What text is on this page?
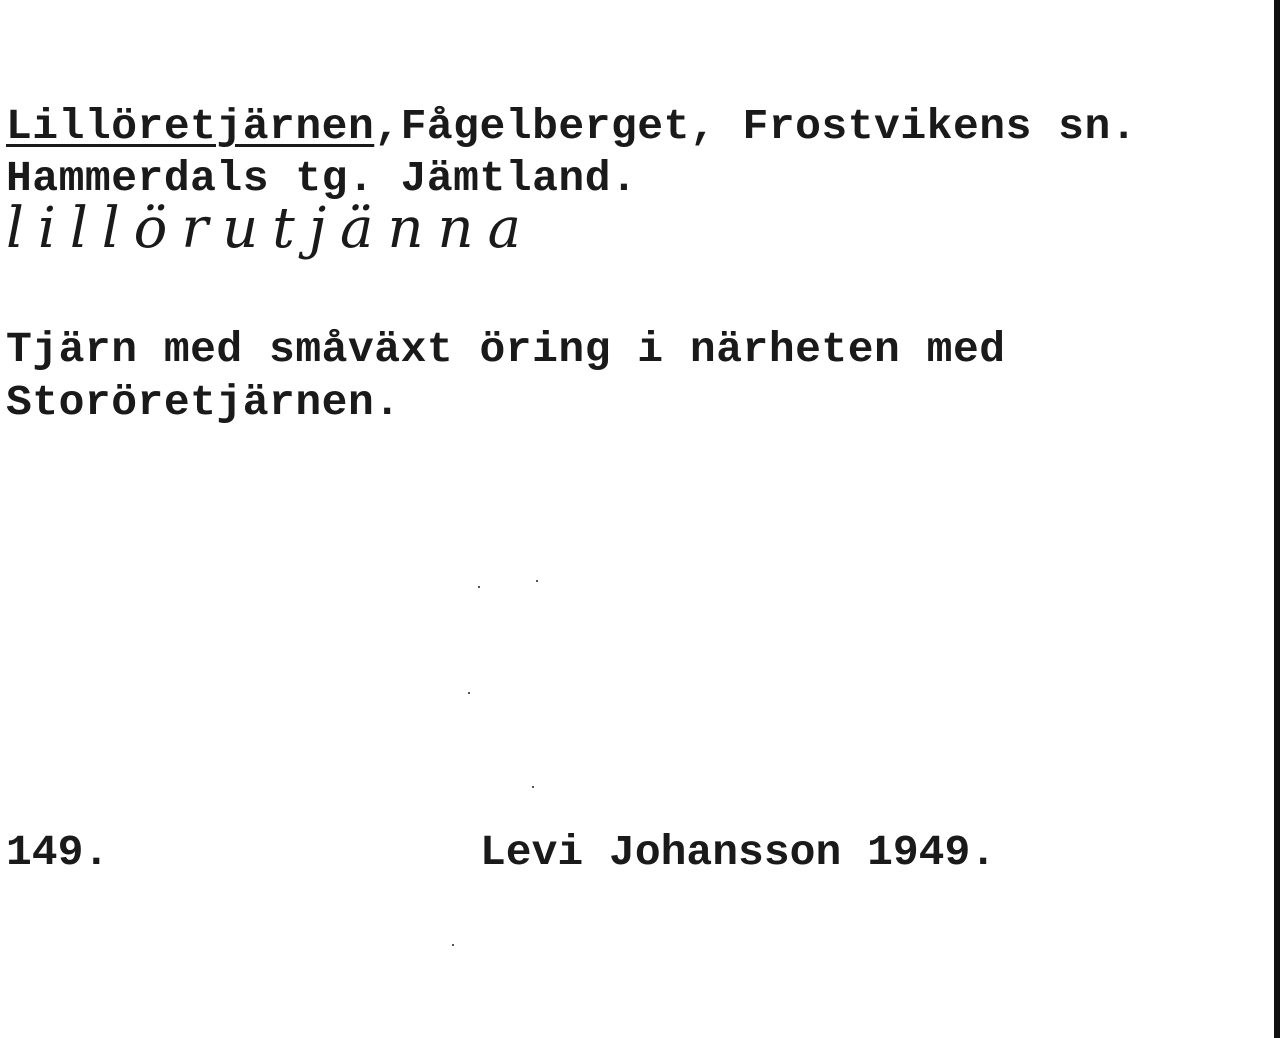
Lillöretjärnen,Fågelberget, Frostvikens sn.
Hammerdals tg. Jämtland.
lillörutjänna
Tjärn med småväxt öring i närheten med
Storöretjärnen.
149.	Levi Johansson 1949.
